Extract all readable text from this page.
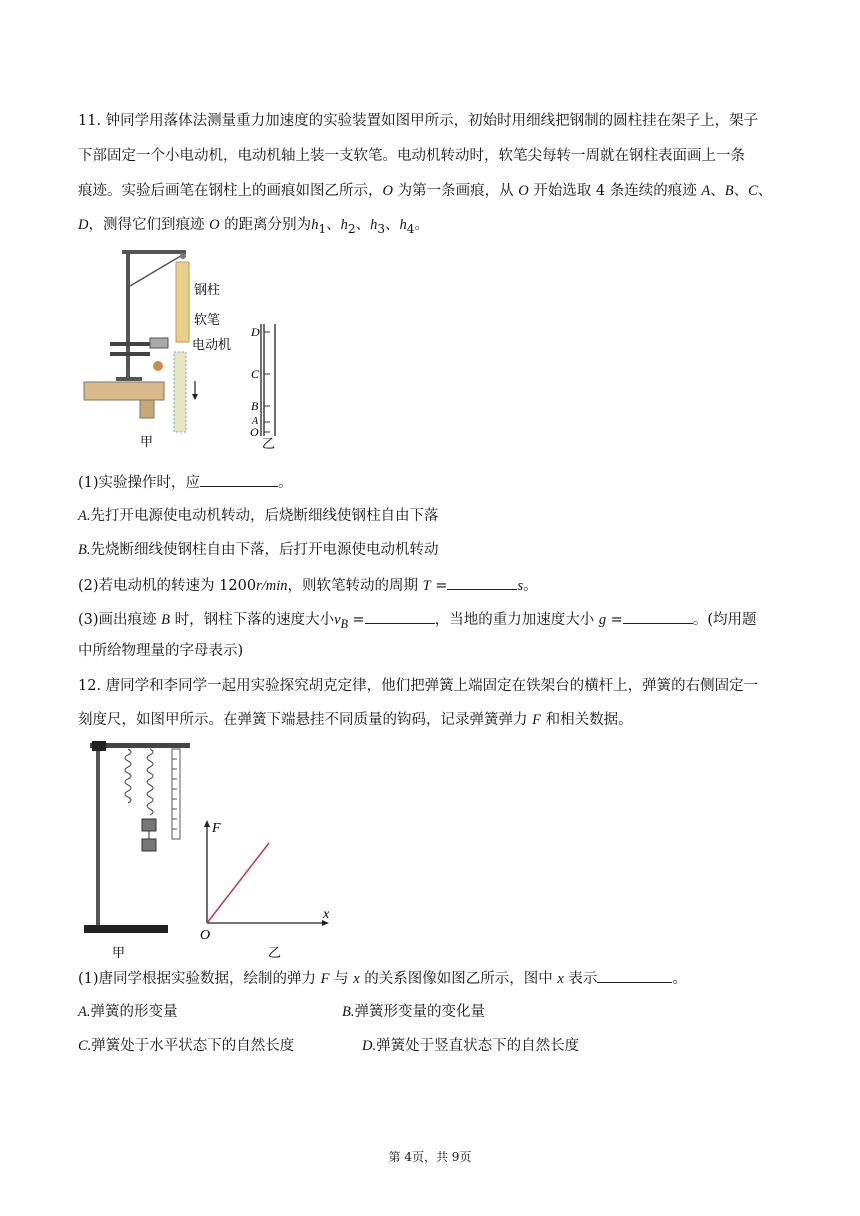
11. 钟同学用落体法测量重力加速度的实验装置如图甲所示，初始时用细线把钢制的圆柱挂在架子上，架子
下部固定一个小电动机，电动机轴上装一支软笔。电动机转动时，软笔尖每转一周就在钢柱表面画上一条
痕迹。实验后画笔在钢柱上的画痕如图乙所示，O 为第一条画痕，从 O 开始选取 4 条连续的痕迹 A、B、C、
D，测得它们到痕迹 O 的距离分别为$h_1$、$h_2$、$h_3$、$h_4$。
钢柱
软笔
电动机
甲
D
C
B
A
O
乙
(1)实验操作时，应	。
A.先打开电源使电动机转动，后烧断细线使钢柱自由下落
B.先烧断细线使钢柱自由下落，后打开电源使电动机转动
(2)若电动机的转速为 1200r/min，则软笔转动的周期 T =	s。
(3)画出痕迹 B 时，钢柱下落的速度大小$v_B$ =	，当地的重力加速度大小 g =	。(均用题
中所给物理量的字母表示)
12. 唐同学和李同学一起用实验探究胡克定律，他们把弹簧上端固定在铁架台的横杆上，弹簧的右侧固定一
刻度尺，如图甲所示。在弹簧下端悬挂不同质量的钩码，记录弹簧弹力 F 和相关数据。
甲
F
x
O
乙
(1)唐同学根据实验数据，绘制的弹力 F 与 x 的关系图像如图乙所示，图中 x 表示	。
A.弹簧的形变量	B.弹簧形变量的变化量
C.弹簧处于水平状态下的自然长度	D.弹簧处于竖直状态下的自然长度
第 4页，共 9页
